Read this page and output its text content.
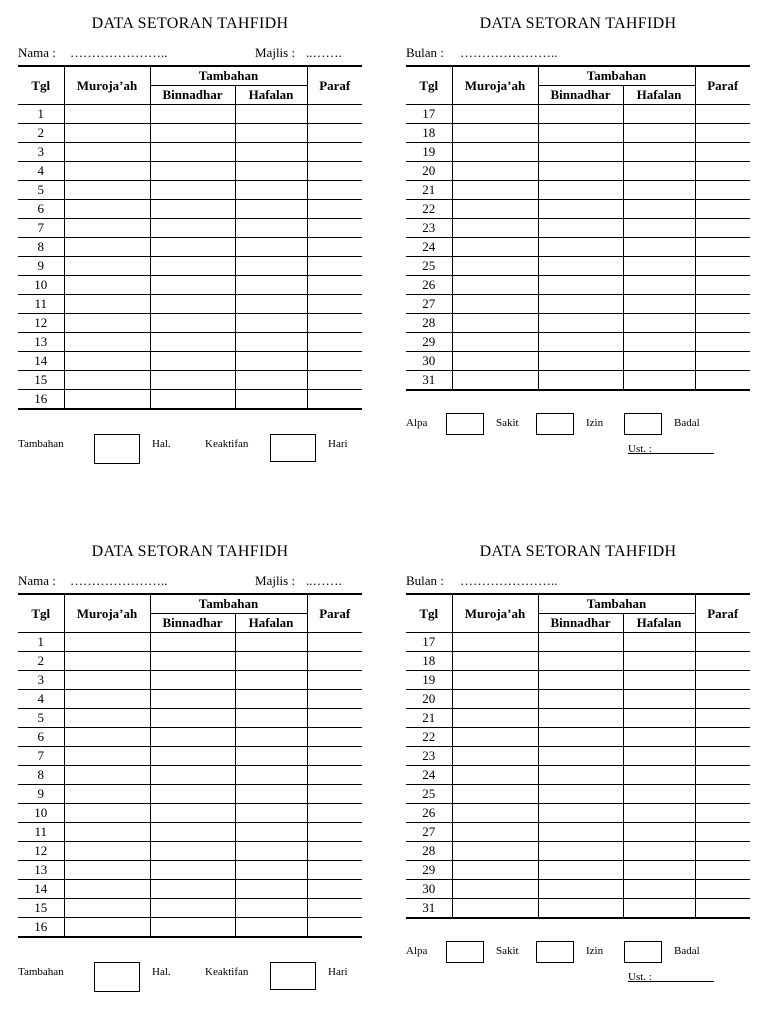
DATA SETORAN TAHFIDH
Nama : …………………..	Majlis : ..…….
Tgl	Muroja’ah	Tambahan		Paraf
		Binnadhar	Hafalan	
1				
2				
3				
4				
5				
6				
7				
8				
9				
10				
11				
12				
13				
14				
15				
16				
Tambahan	Hal.	Keaktifan	Hari
DATA SETORAN TAHFIDH
Bulan : …………………..
Tgl	Muroja’ah	Tambahan		Paraf
		Binnadhar	Hafalan	
17				
18				
19				
20				
21				
22				
23				
24				
25				
26				
27				
28				
29				
30				
31				
Alpa	Sakit	Izin	Badal
Ust. :
DATA SETORAN TAHFIDH
Nama : …………………..	Majlis : ..…….
Tgl	Muroja’ah	Tambahan		Paraf
		Binnadhar	Hafalan	
1				
2				
3				
4				
5				
6				
7				
8				
9				
10				
11				
12				
13				
14				
15				
16				
Tambahan	Hal.	Keaktifan	Hari
DATA SETORAN TAHFIDH
Bulan : …………………..
Tgl	Muroja’ah	Tambahan		Paraf
		Binnadhar	Hafalan	
17				
18				
19				
20				
21				
22				
23				
24				
25				
26				
27				
28				
29				
30				
31				
Alpa	Sakit	Izin	Badal
Ust. :
